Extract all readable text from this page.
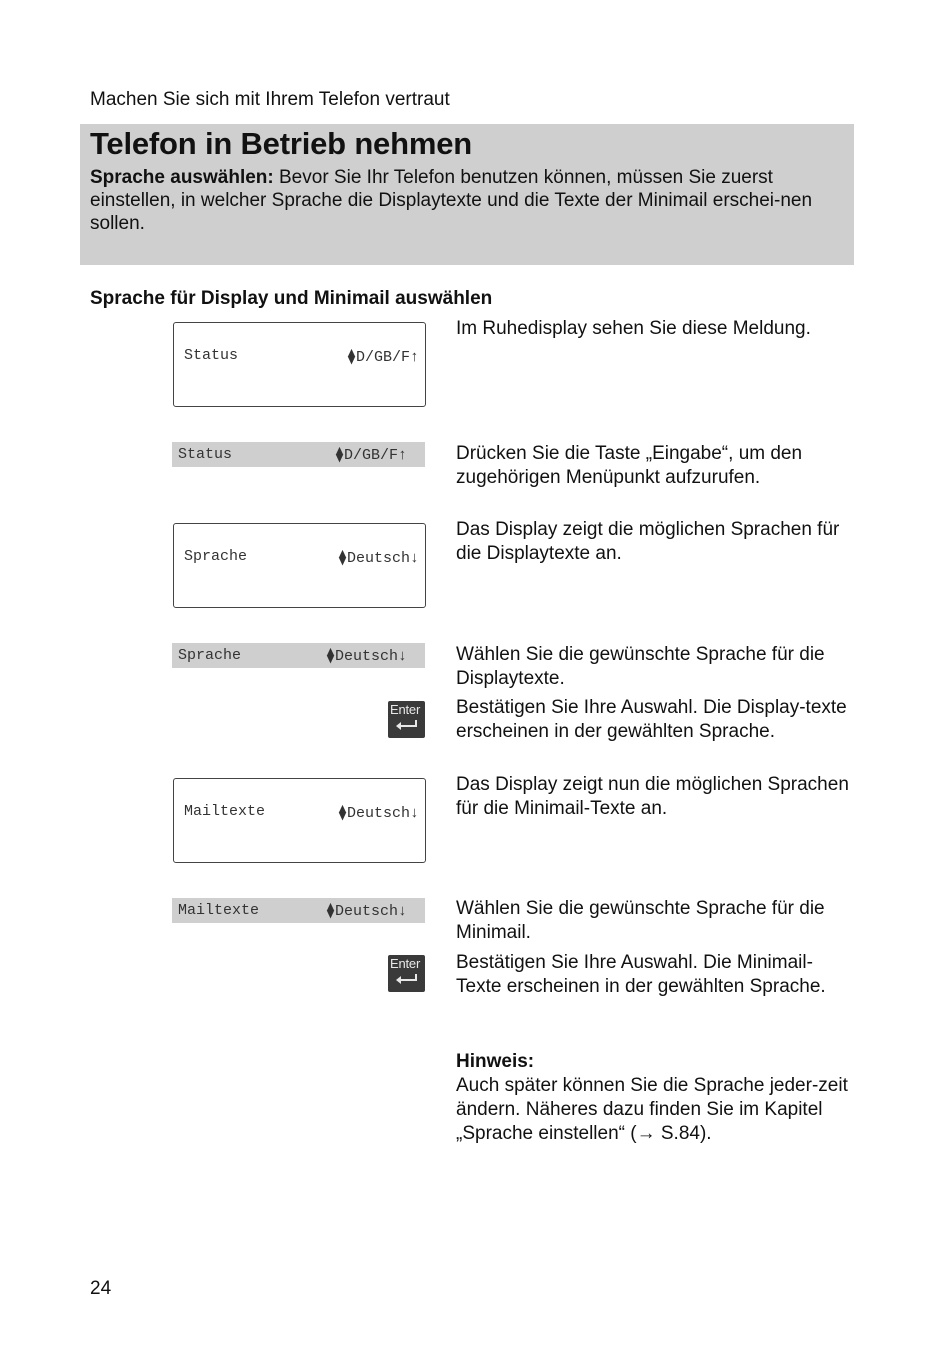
Machen Sie sich mit Ihrem Telefon vertraut
Telefon in Betrieb nehmen
Sprache auswählen: Bevor Sie Ihr Telefon benutzen können, müssen Sie zuerst einstellen, in welcher Sprache die Displaytexte und die Texte der Minimail erschei-nen sollen.
Sprache für Display und Minimail auswählen
Status	⧫D/GB/F↑
Im Ruhedisplay sehen Sie diese Meldung.
Status	⧫D/GB/F↑	Drücken Sie die Taste „Eingabe“, um den zugehörigen Menüpunkt aufzurufen.
Sprache	⧫Deutsch↓
Das Display zeigt die möglichen Sprachen für die Displaytexte an.
Sprache	⧫Deutsch↓	Wählen Sie die gewünschte Sprache für die Displaytexte.
Enter Bestätigen Sie Ihre Auswahl. Die Display-texte erscheinen in der gewählten Sprache.
Mailtexte	⧫Deutsch↓
Das Display zeigt nun die möglichen Sprachen für die Minimail-Texte an.
Mailtexte	⧫Deutsch↓	Wählen Sie die gewünschte Sprache für die Minimail.
Enter Bestätigen Sie Ihre Auswahl. Die Minimail-Texte erscheinen in der gewählten Sprache.
Hinweis:
Auch später können Sie die Sprache jeder-zeit ändern. Näheres dazu finden Sie im Kapitel „Sprache einstellen“ (→ S.84).
24
